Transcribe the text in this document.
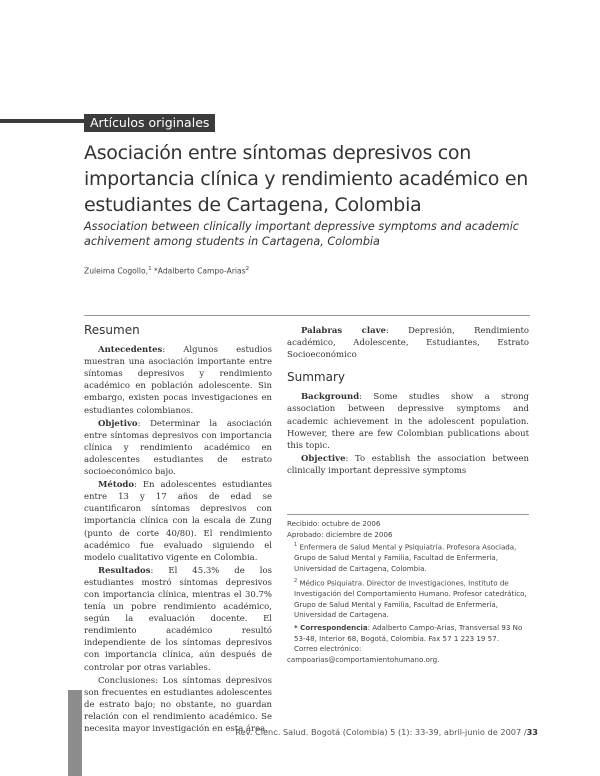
Artículos originales
Asociación entre síntomas depresivos con importancia clínica y rendimiento académico en estudiantes de Cartagena, Colombia
Association between clinically important depressive symptoms and academic achivement among students in Cartagena, Colombia
Zuleima Cogollo,$^1$ *Adalberto Campo-Arias$^2$
Resumen

Antecedentes: Algunos estudios muestran una asociación importante entre síntomas depresivos y rendimiento académico en población adolescente. Sin embargo, existen pocas investigaciones en estudiantes colombianos.

Objetivo: Determinar la asociación entre síntomas depresivos con importancia clínica y rendimiento académico en adolescentes estudiantes de estrato socioeconómico bajo.

Método: En adolescentes estudiantes entre 13 y 17 años de edad se cuantificaron síntomas depresivos con importancia clínica con la escala de Zung (punto de corte 40/80). El rendimiento académico fue evaluado siguiendo el modelo cualitativo vigente en Colombia.

Resultados: El 45.3% de los estudiantes mostró síntomas depresivos con importancia clínica, mientras el 30.7% tenía un pobre rendimiento académico, según la evaluación docente. El rendimiento académico resultó independiente de los síntomas depresivos con importancia clínica, aún después de controlar por otras variables.

Conclusiones: Los síntomas depresivos son frecuentes en estudiantes adolescentes de estrato bajo; no obstante, no guardan relación con el rendimiento académico. Se necesita mayor investigación en esta área.

Palabras clave: Depresión, Rendimiento académico, Adolescente, Estudiantes, Estrato Socioeconómico

Summary

Background: Some studies show a strong association between depressive symptoms and academic achievement in the adolescent population. However, there are few Colombian publications about this topic.

Objective: To establish the association between clinically important depressive symptoms

Recibido: octubre de 2006
Aprobado: diciembre de 2006
$^1$ Enfermera de Salud Mental y Psiquiatría. Profesora Asociada, Grupo de Salud Mental y Familia, Facultad de Enfermería, Universidad de Cartagena, Colombia.
$^2$ Médico Psiquiatra. Director de Investigaciones, Instituto de Investigación del Comportamiento Humano. Profesor catedrático, Grupo de Salud Mental y Familia, Facultad de Enfermería, Universidad de Cartagena.
* Correspondencia: Adalberto Campo-Arias, Transversal 93 No 53-48, Interior 68, Bogotá, Colombia. Fax 57 1 223 19 57.
Correo electrónico:
campoarias@comportamientohumano.org.
Rev. Cienc. Salud. Bogotá (Colombia) 5 (1): 33-39, abril-junio de 2007 /33
